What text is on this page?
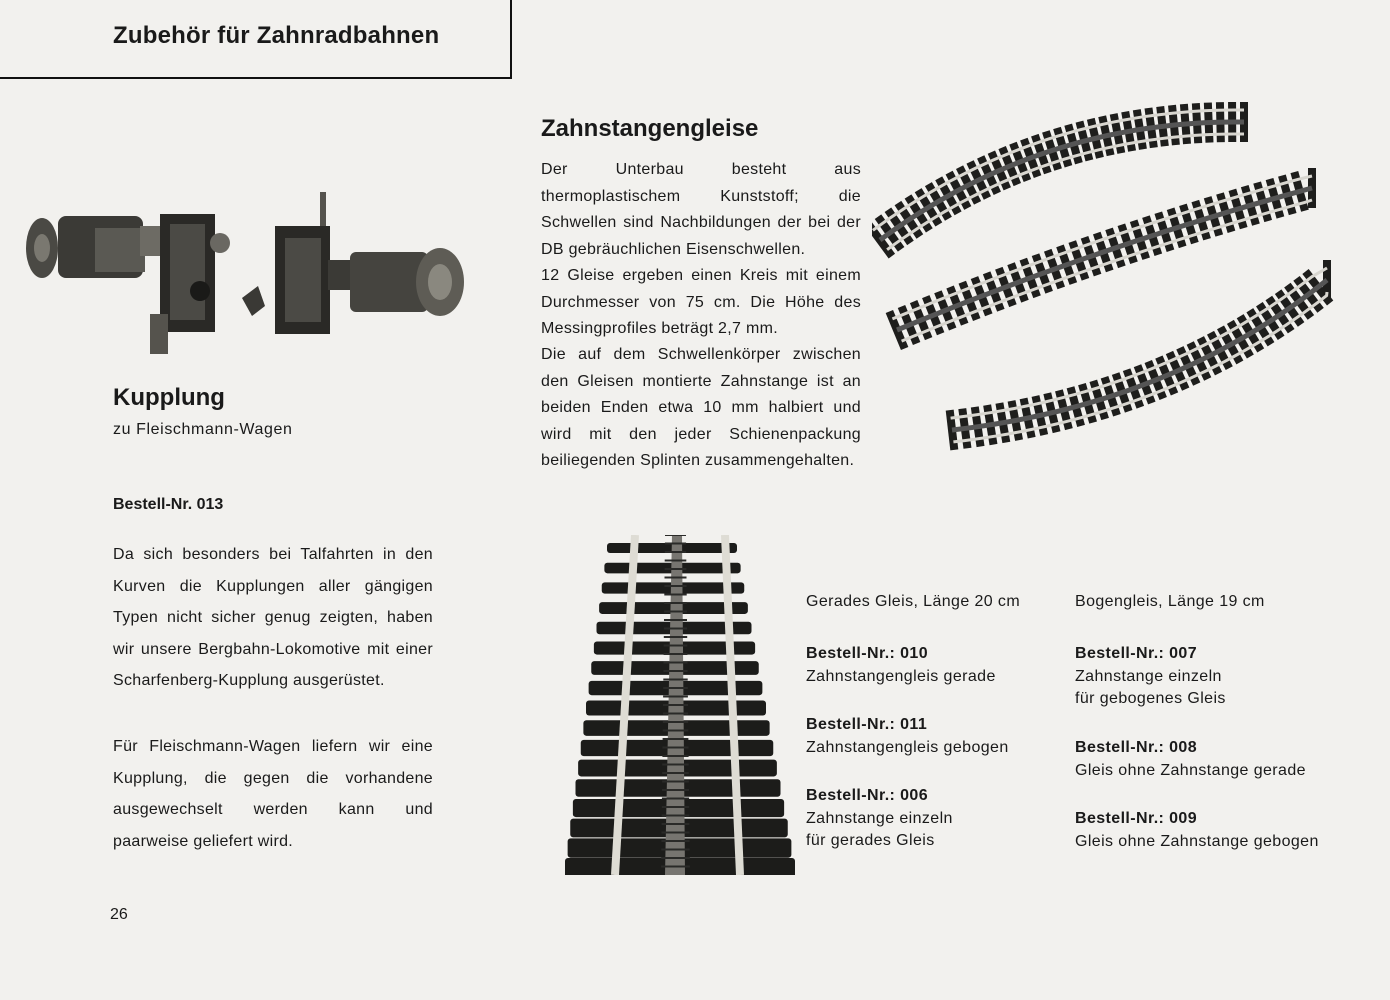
Zubehör für Zahnradbahnen
Kupplung
zu Fleischmann-Wagen
Bestell-Nr. 013

Da sich besonders bei Talfahrten in den Kurven die Kupplungen aller gängigen Typen nicht sicher genug zeigten, haben wir unsere Bergbahn-Lokomotive mit einer Scharfenberg-Kupplung ausgerüstet.

Für Fleischmann-Wagen liefern wir eine Kupplung, die gegen die vorhandene ausgewechselt werden kann und paarweise geliefert wird.

26
Zahnstangengleise

Der Unterbau besteht aus thermoplastischem Kunststoff; die Schwellen sind Nachbildungen der bei der DB gebräuchlichen Eisenschwellen.

12 Gleise ergeben einen Kreis mit einem Durchmesser von 75 cm. Die Höhe des Messingprofiles beträgt 2,7 mm.

Die auf dem Schwellenkörper zwischen den Gleisen montierte Zahnstange ist an beiden Enden etwa 10 mm halbiert und wird mit den jeder Schienenpackung beiliegenden Splinten zusammengehalten.

Gerades Gleis, Länge 20 cm	Bogengleis, Länge 19 cm
Bestell-Nr.: 010
Zahnstangengleis gerade
Bestell-Nr.: 011
Zahnstangengleis gebogen
Bestell-Nr.: 006
Zahnstange einzeln
für gerades Gleis
Bestell-Nr.: 007
Zahnstange einzeln
für gebogenes Gleis
Bestell-Nr.: 008
Gleis ohne Zahnstange gerade
Bestell-Nr.: 009
Gleis ohne Zahnstange gebogen
